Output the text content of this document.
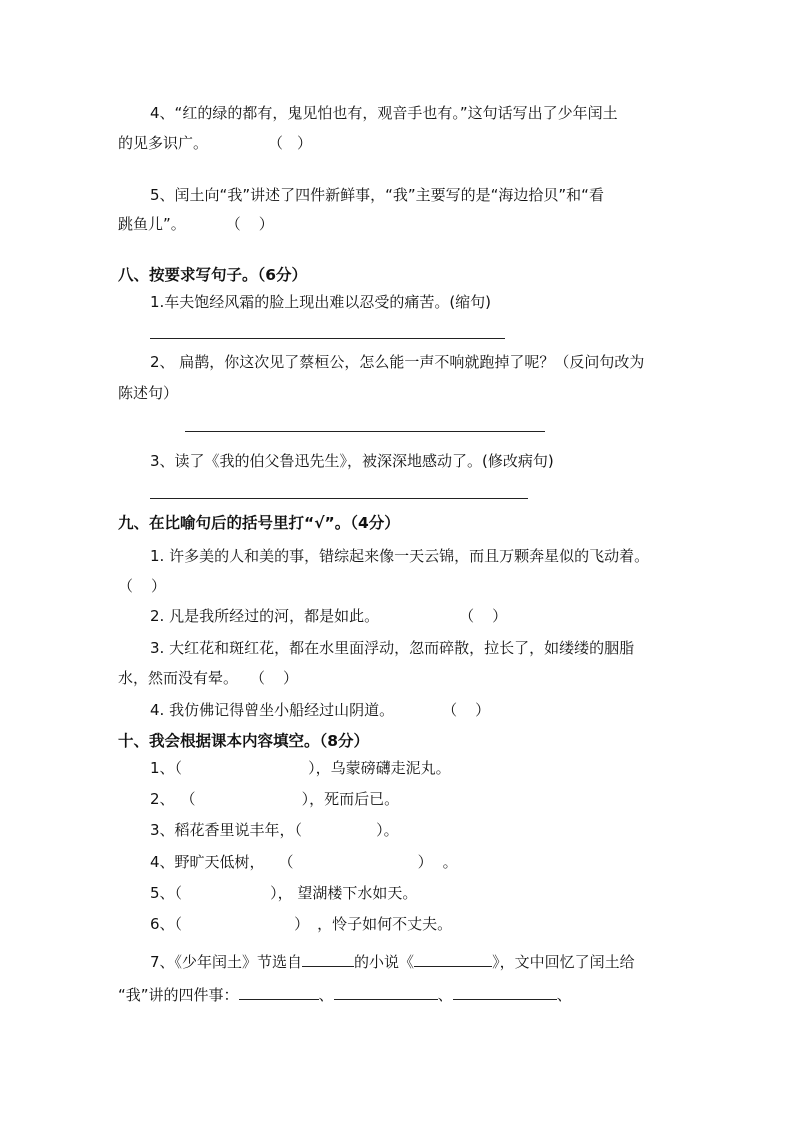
4、“红的绿的都有，鬼见怕也有，观音手也有。”这句话写出了少年闰土
的见多识广。	（ ）
5、闰土向“我”讲述了四件新鲜事，“我”主要写的是“海边拾贝”和“看
跳鱼儿”。	（ ）
八、按要求写句子。（6分）
1.车夫饱经风霜的脸上现出难以忍受的痛苦。(缩句)
2、 扁鹊，你这次见了蔡桓公，怎么能一声不响就跑掉了呢？（反问句改为
陈述句）
3、读了《我的伯父鲁迅先生》，被深深地感动了。(修改病句)
九、在比喻句后的括号里打“√”。（4分）
1. 许多美的人和美的事，错综起来像一天云锦，而且万颗奔星似的飞动着。
（ ）
2. 凡是我所经过的河，都是如此。	（ ）
3. 大红花和斑红花，都在水里面浮动，忽而碎散，拉长了，如缕缕的胭脂
水，然而没有晕。 （ ）
4. 我仿佛记得曾坐小船经过山阴道。	（ ）
十、我会根据课本内容填空。（8分）
1、（	），乌蒙磅礴走泥丸。
2、 （	），死而后已。
3、稻花香里说丰年，（	）。
4、野旷天低树， （	） 。
5、（	）， 望湖楼下水如天。
6、（	） ，怜子如何不丈夫。
7、《少年闰土》节选自	的小说《	》，文中回忆了闰土给
“我”讲的四件事：	、	、	、
